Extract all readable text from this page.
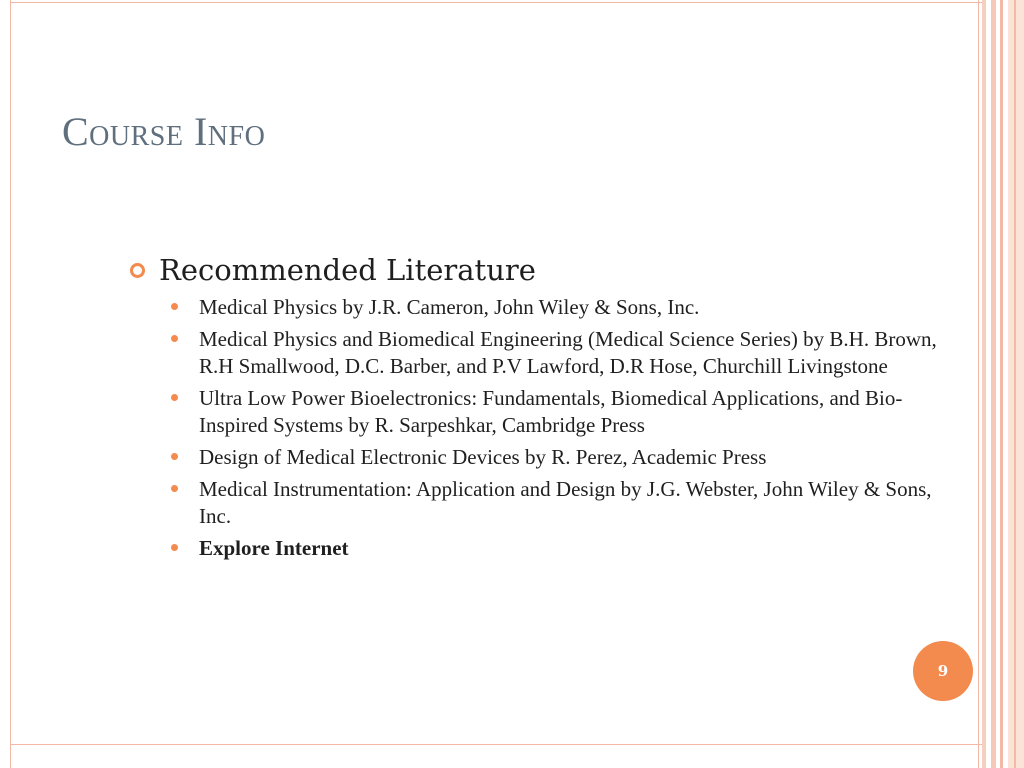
Course Info
Recommended Literature
Medical Physics by J.R. Cameron, John Wiley & Sons, Inc.
Medical Physics and Biomedical Engineering (Medical Science Series) by B.H. Brown, R.H Smallwood, D.C. Barber, and P.V Lawford, D.R Hose, Churchill Livingstone
Ultra Low Power Bioelectronics: Fundamentals, Biomedical Applications, and Bio-Inspired Systems by R. Sarpeshkar, Cambridge Press
Design of Medical Electronic Devices by R. Perez, Academic Press
Medical Instrumentation: Application and Design by J.G. Webster, John Wiley & Sons, Inc.
Explore Internet
9
